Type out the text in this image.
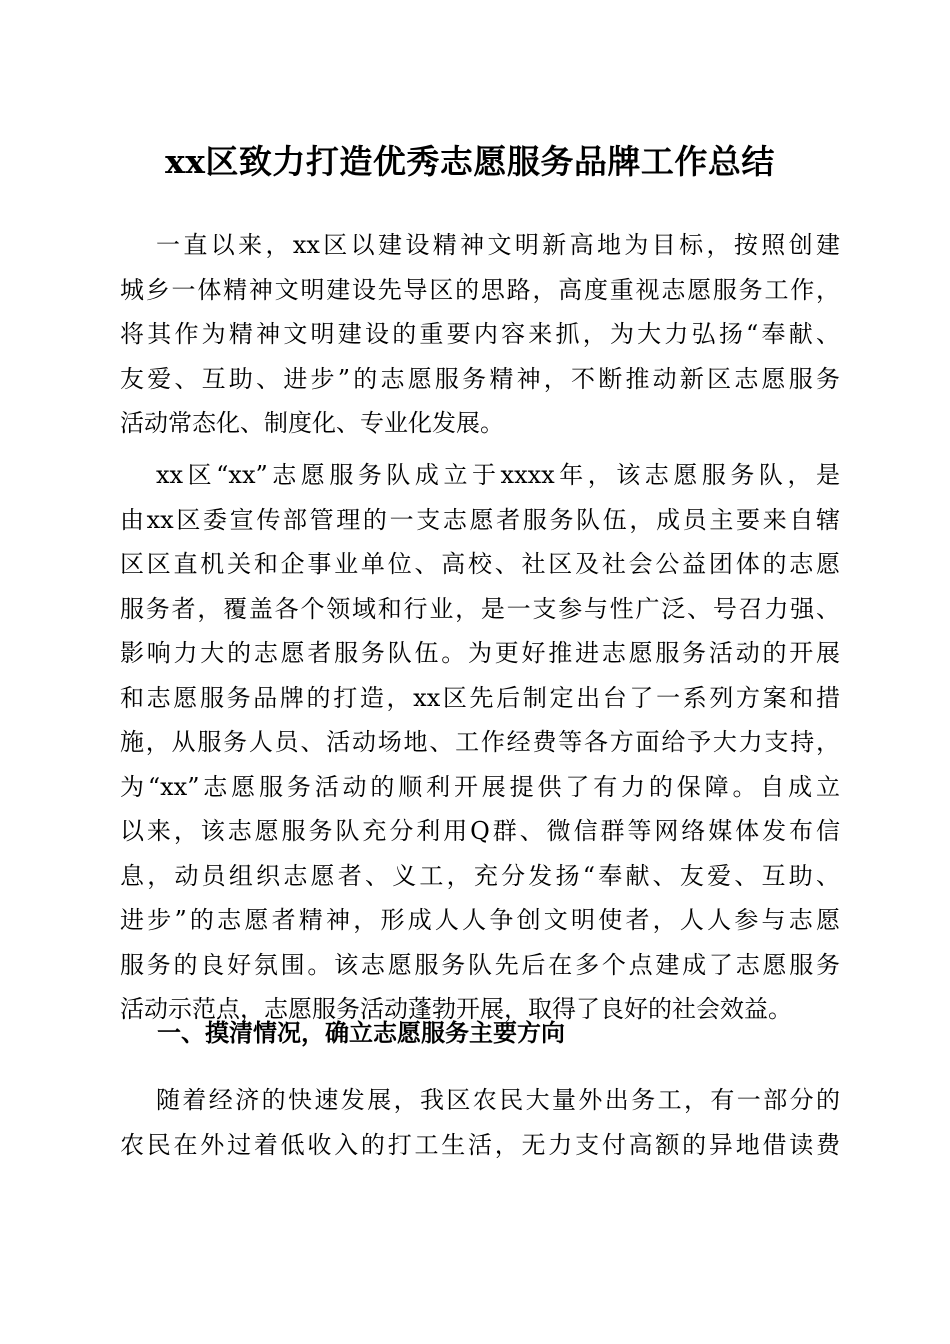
xx区致力打造优秀志愿服务品牌工作总结
一直以来，xx区以建设精神文明新高地为目标，按照创建
城乡一体精神文明建设先导区的思路，高度重视志愿服务工作，
将其作为精神文明建设的重要内容来抓，为大力弘扬“奉献、
友爱、互助、进步”的志愿服务精神，不断推动新区志愿服务
活动常态化、制度化、专业化发展。
xx区“xx”志愿服务队成立于xxxx年，该志愿服务队，是
由xx区委宣传部管理的一支志愿者服务队伍，成员主要来自辖
区区直机关和企事业单位、高校、社区及社会公益团体的志愿
服务者，覆盖各个领域和行业，是一支参与性广泛、号召力强、
影响力大的志愿者服务队伍。为更好推进志愿服务活动的开展
和志愿服务品牌的打造，xx区先后制定出台了一系列方案和措
施，从服务人员、活动场地、工作经费等各方面给予大力支持，
为“xx”志愿服务活动的顺利开展提供了有力的保障。自成立
以来，该志愿服务队充分利用Q群、微信群等网络媒体发布信
息，动员组织志愿者、义工，充分发扬“奉献、友爱、互助、
进步”的志愿者精神，形成人人争创文明使者，人人参与志愿
服务的良好氛围。该志愿服务队先后在多个点建成了志愿服务
活动示范点，志愿服务活动蓬勃开展，取得了良好的社会效益。
一、摸清情况，确立志愿服务主要方向
随着经济的快速发展，我区农民大量外出务工，有一部分的
农民在外过着低收入的打工生活，无力支付高额的异地借读费
